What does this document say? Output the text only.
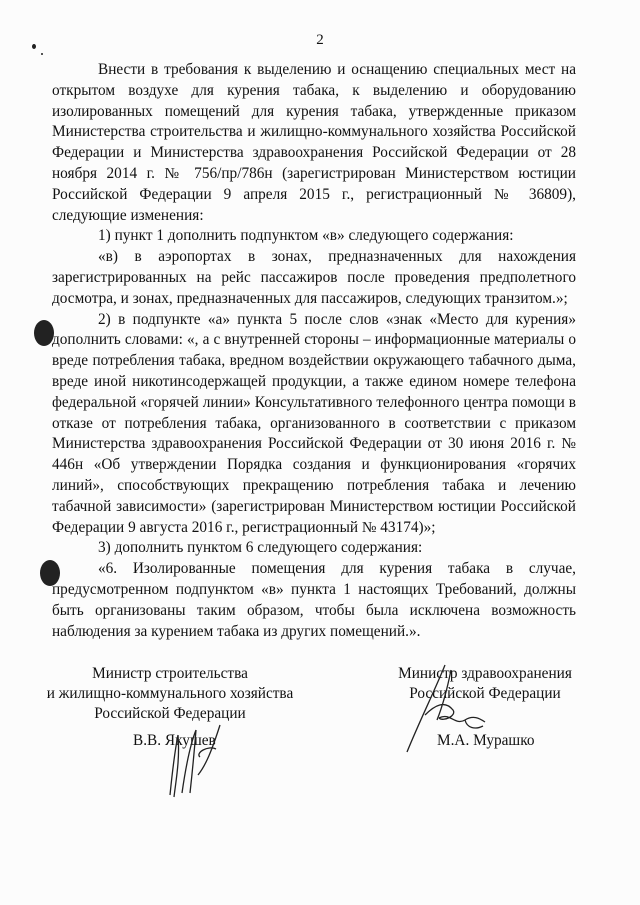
2

Внести в требования к выделению и оснащению специальных мест на открытом воздухе для курения табака, к выделению и оборудованию изолированных помещений для курения табака, утвержденные приказом Министерства строительства и жилищно-коммунального хозяйства Российской Федерации и Министерства здравоохранения Российской Федерации от 28 ноября 2014 г. № 756/пр/786н (зарегистрирован Министерством юстиции Российской Федерации 9 апреля 2015 г., регистрационный № 36809), следующие изменения:

1) пункт 1 дополнить подпунктом «в» следующего содержания:

«в) в аэропортах в зонах, предназначенных для нахождения зарегистрированных на рейс пассажиров после проведения предполетного досмотра, и зонах, предназначенных для пассажиров, следующих транзитом.»;

2) в подпункте «а» пункта 5 после слов «знак «Место для курения» дополнить словами: «, а с внутренней стороны – информационные материалы о вреде потребления табака, вредном воздействии окружающего табачного дыма, вреде иной никотинсодержащей продукции, а также едином номере телефона федеральной «горячей линии» Консультативного телефонного центра помощи в отказе от потребления табака, организованного в соответствии с приказом Министерства здравоохранения Российской Федерации от 30 июня 2016 г. № 446н «Об утверждении Порядка создания и функционирования «горячих линий», способствующих прекращению потребления табака и лечению табачной зависимости» (зарегистрирован Министерством юстиции Российской Федерации 9 августа 2016 г., регистрационный № 43174)»;

3) дополнить пунктом 6 следующего содержания:

«6. Изолированные помещения для курения табака в случае, предусмотренном подпунктом «в» пункта 1 настоящих Требований, должны быть организованы таким образом, чтобы была исключена возможность наблюдения за курением табака из других помещений.».

Министр строительства
и жилищно-коммунального хозяйства
Российской Федерации
В.В. Якушев
Министр здравоохранения
Российской Федерации
М.А. Мурашко
